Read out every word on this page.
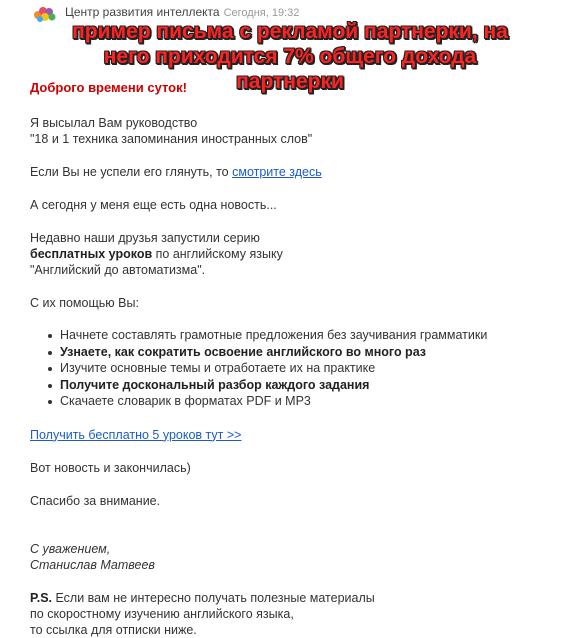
Центр развития интеллекта Сегодня, 19:32
пример письма с рекламой партнерки, на
него приходится 7% общего дохода
партнерки
Доброго времени суток!

Я высылал Вам руководство

"18 и 1 техника запоминания иностранных слов"

Если Вы не успели его глянуть, то смотрите здесь

А сегодня у меня еще есть одна новость...

Недавно наши друзья запустили серию

бесплатных уроков по английскому языку

"Английский до автоматизма".

С их помощью Вы:

Начнете составлять грамотные предложения без заучивания грамматики
Узнаете, как сократить освоение английского во много раз
Изучите основные темы и отработаете их на практике
Получите доскональный разбор каждого задания
Скачаете словарик в форматах PDF и MP3

Получить бесплатно 5 уроков тут >>

Вот новость и закончилась)

Спасибо за внимание.

С уважением,

Станислав Матвеев

P.S. Если вам не интересно получать полезные материалы

по скоростному изучению английского языка,

то ссылка для отписки ниже.
